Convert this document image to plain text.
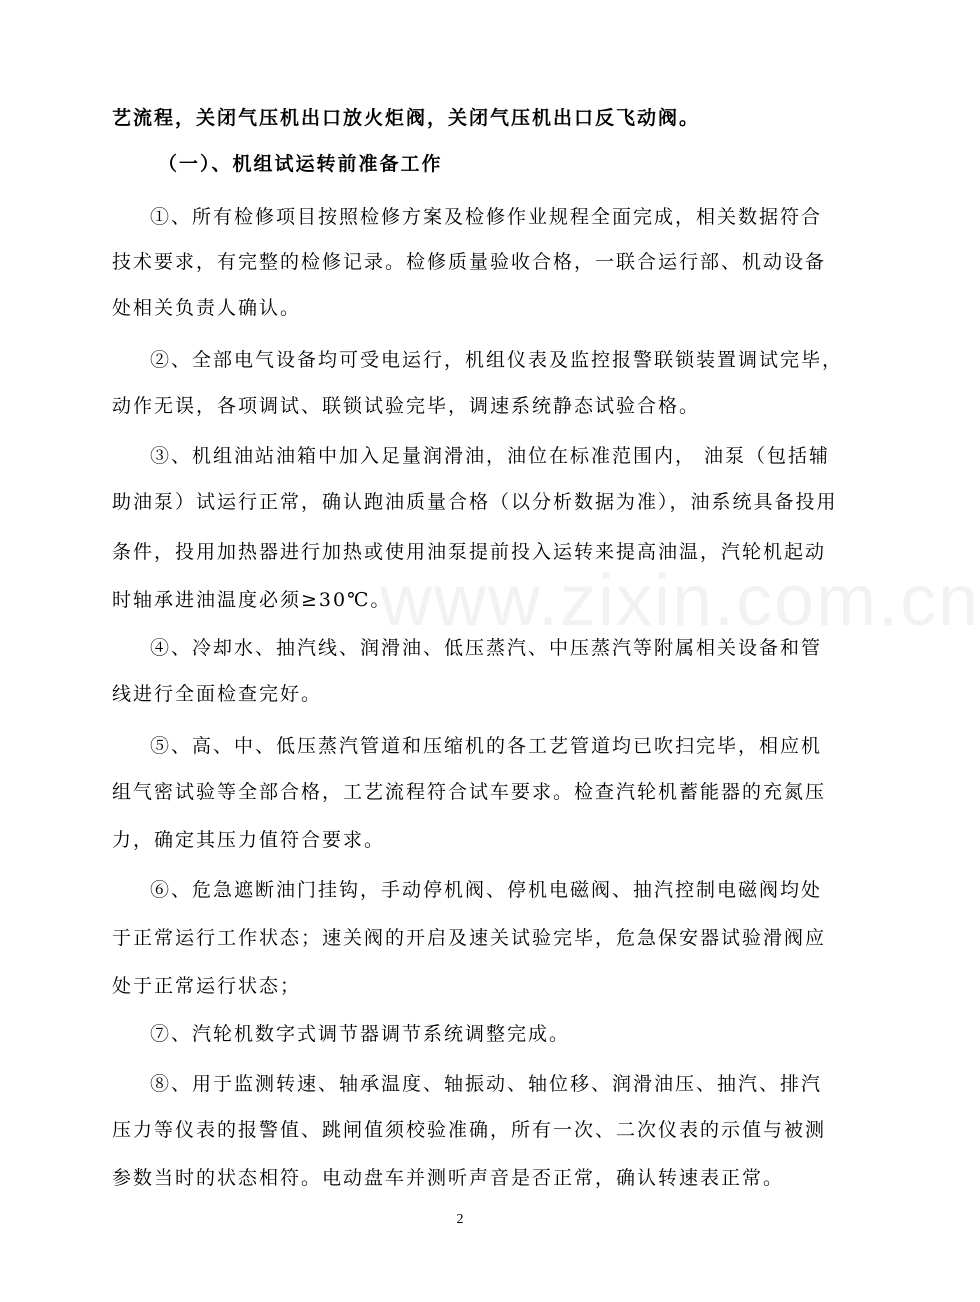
www.zixin.com.cn
艺流程，关闭气压机出口放火炬阀，关闭气压机出口反飞动阀。
（一）、机组试运转前准备工作
①、所有检修项目按照检修方案及检修作业规程全面完成，相关数据符合
技术要求，有完整的检修记录。检修质量验收合格，一联合运行部、机动设备
处相关负责人确认。
②、全部电气设备均可受电运行，机组仪表及监控报警联锁装置调试完毕，
动作无误，各项调试、联锁试验完毕，调速系统静态试验合格。
③、机组油站油箱中加入足量润滑油，油位在标准范围内， 油泵（包括辅
助油泵）试运行正常，确认跑油质量合格（以分析数据为准），油系统具备投用
条件，投用加热器进行加热或使用油泵提前投入运转来提高油温，汽轮机起动
时轴承进油温度必须≥30℃。
④、冷却水、抽汽线、润滑油、低压蒸汽、中压蒸汽等附属相关设备和管
线进行全面检查完好。
⑤、高、中、低压蒸汽管道和压缩机的各工艺管道均已吹扫完毕，相应机
组气密试验等全部合格，工艺流程符合试车要求。检查汽轮机蓄能器的充氮压
力，确定其压力值符合要求。
⑥、危急遮断油门挂钩，手动停机阀、停机电磁阀、抽汽控制电磁阀均处
于正常运行工作状态；速关阀的开启及速关试验完毕，危急保安器试验滑阀应
处于正常运行状态；
⑦、汽轮机数字式调节器调节系统调整完成。
⑧、用于监测转速、轴承温度、轴振动、轴位移、润滑油压、抽汽、排汽
压力等仪表的报警值、跳闸值须校验准确，所有一次、二次仪表的示值与被测
参数当时的状态相符。电动盘车并测听声音是否正常，确认转速表正常。
2
